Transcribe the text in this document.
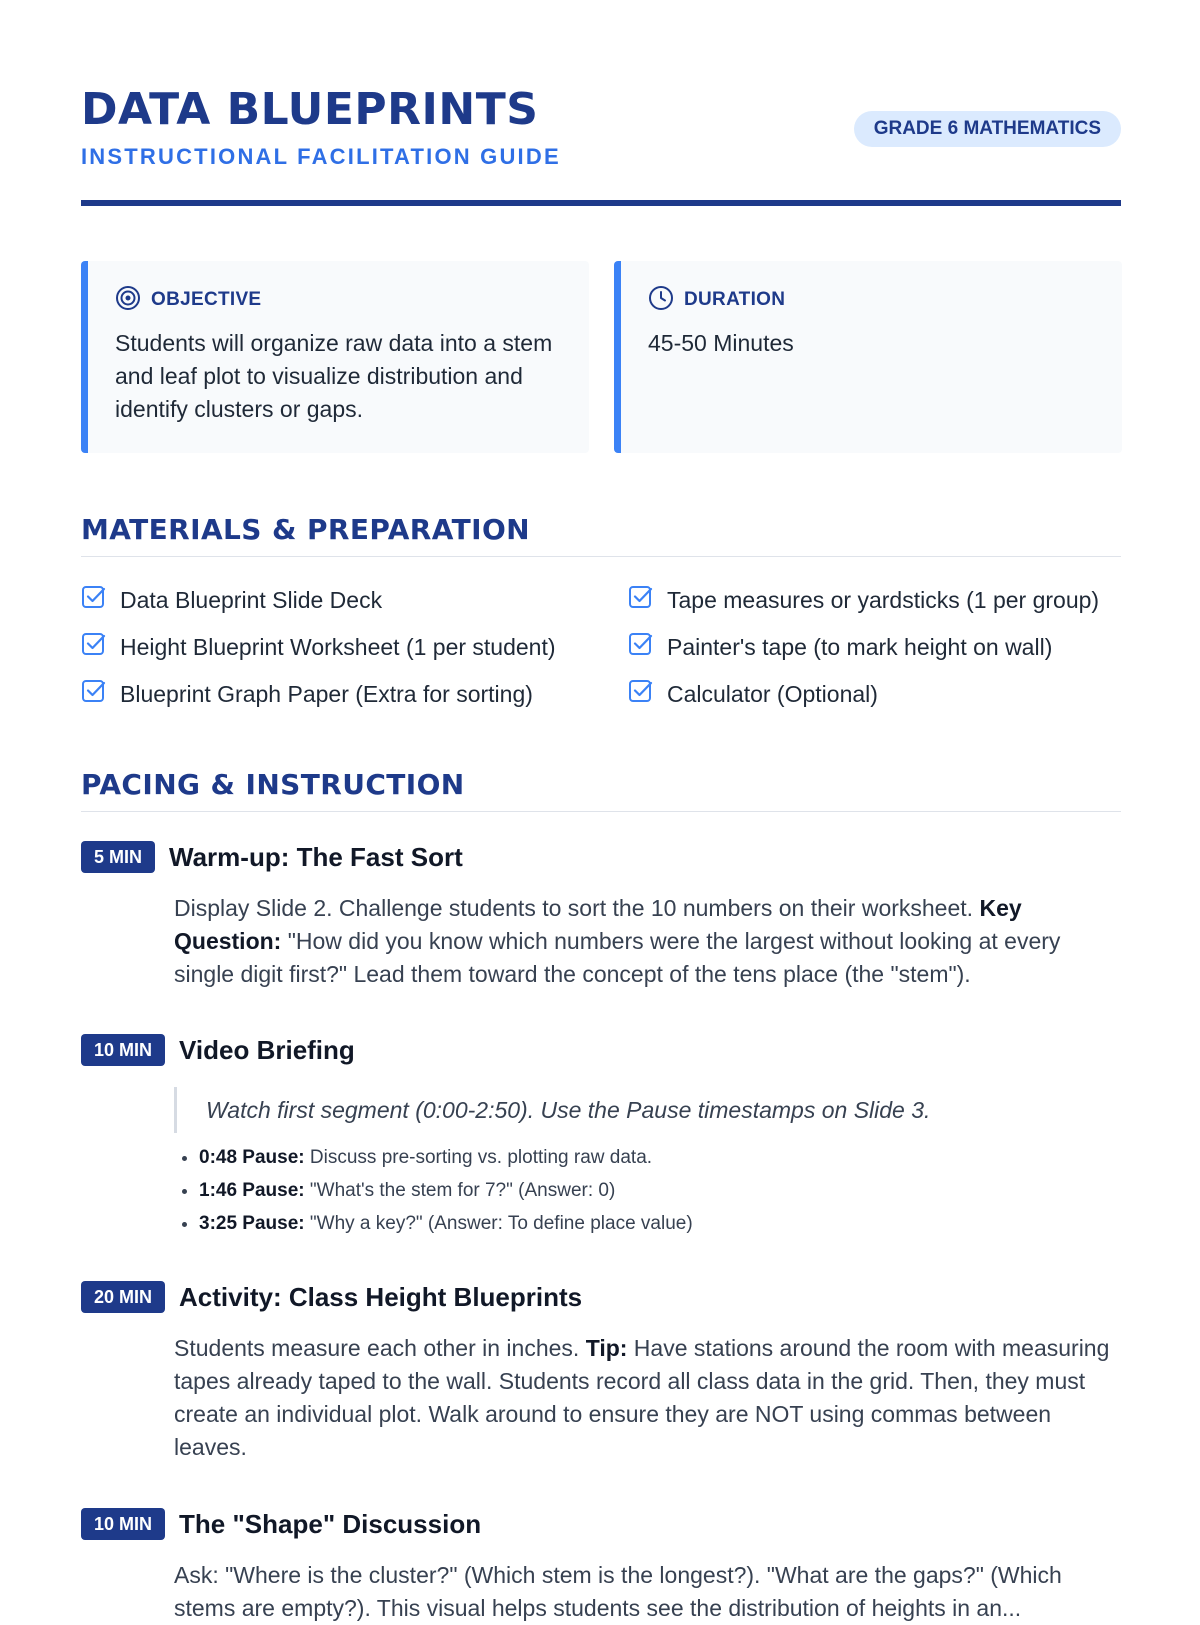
DATA BLUEPRINTS
INSTRUCTIONAL FACILITATION GUIDE
GRADE 6 MATHEMATICS
OBJECTIVE
Students will organize raw data into a stem and leaf plot to visualize distribution and identify clusters or gaps.
DURATION
45-50 Minutes
MATERIALS & PREPARATION
Data Blueprint Slide Deck
Height Blueprint Worksheet (1 per student)
Blueprint Graph Paper (Extra for sorting)
Tape measures or yardsticks (1 per group)
Painter's tape (to mark height on wall)
Calculator (Optional)
PACING & INSTRUCTION
5 MIN	Warm-up: The Fast Sort
Display Slide 2. Challenge students to sort the 10 numbers on their worksheet. Key Question: "How did you know which numbers were the largest without looking at every single digit first?" Lead them toward the concept of the tens place (the "stem").
10 MIN	Video Briefing
Watch first segment (0:00-2:50). Use the Pause timestamps on Slide 3.
• 0:48 Pause: Discuss pre-sorting vs. plotting raw data.
• 1:46 Pause: "What's the stem for 7?" (Answer: 0)
• 3:25 Pause: "Why a key?" (Answer: To define place value)
20 MIN	Activity: Class Height Blueprints
Students measure each other in inches. Tip: Have stations around the room with measuring tapes already taped to the wall. Students record all class data in the grid. Then, they must create an individual plot. Walk around to ensure they are NOT using commas between leaves.
10 MIN	The "Shape" Discussion
Ask: "Where is the cluster?" (Which stem is the longest?). "What are the gaps?" (Which stems are empty?). This visual helps students see the distribution of heights in an...
